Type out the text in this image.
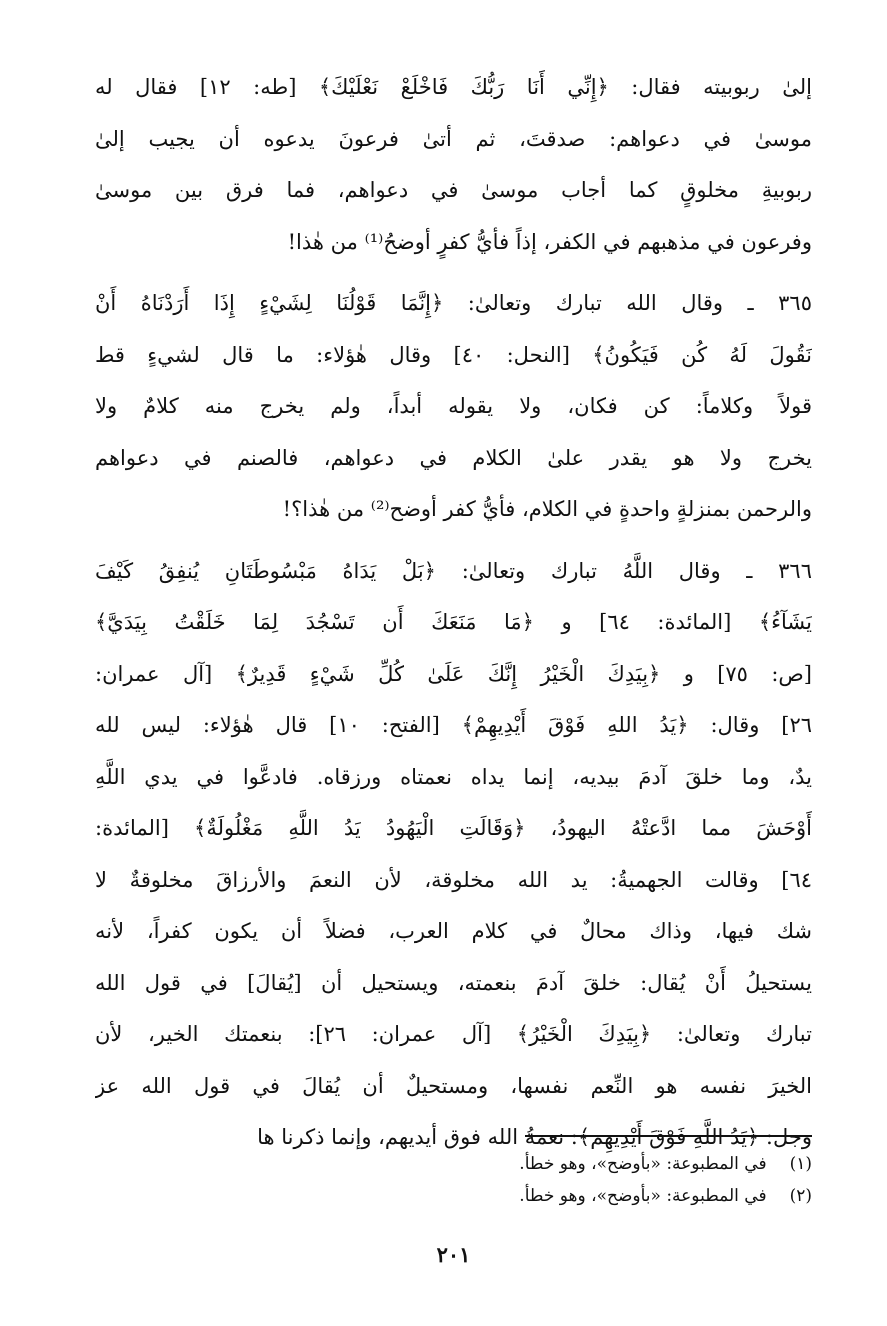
إلىٰ ربوبيته فقال: ﴿إِنِّي أَنَا رَبُّكَ فَاخْلَعْ نَعْلَيْكَ﴾ [طه: ١٢] فقال له
موسىٰ في دعواهم: صدقتَ، ثم أتىٰ فرعونَ يدعوه أن يجيب إلىٰ
ربوبيةِ مخلوقٍ كما أجاب موسىٰ في دعواهم، فما فرق بين موسىٰ
وفرعون في مذهبهم في الكفر، إذاً فأيُّ كفرٍ أوضحُ⁽¹⁾ من هٰذا!

٣٦٥ ـ وقال الله تبارك وتعالىٰ: ﴿إِنَّمَا قَوْلُنَا لِشَيْءٍ إِذَا أَرَدْنَاهُ أَنْ
نَقُولَ لَهُ كُن فَيَكُونُ﴾ [النحل: ٤٠] وقال هٰؤلاء: ما قال لشيءٍ قط
قولاً وكلاماً: كن فكان، ولا يقوله أبداً، ولم يخرج منه كلامٌ ولا
يخرج ولا هو يقدر علىٰ الكلام في دعواهم، فالصنم في دعواهم
والرحمن بمنزلةٍ واحدةٍ في الكلام، فأيُّ كفر أوضح⁽²⁾ من هٰذا؟!

٣٦٦ ـ وقال اللَّهُ تبارك وتعالىٰ: ﴿بَلْ يَدَاهُ مَبْسُوطَتَانِ يُنفِقُ كَيْفَ
يَشَآءُ﴾ [المائدة: ٦٤] و ﴿مَا مَنَعَكَ أَن تَسْجُدَ لِمَا خَلَقْتُ بِيَدَيَّ﴾
[ص: ٧٥] و ﴿بِيَدِكَ الْخَيْرُ إِنَّكَ عَلَىٰ كُلِّ شَيْءٍ قَدِيرٌ﴾ [آل عمران:
٢٦] وقال: ﴿يَدُ اللهِ فَوْقَ أَيْدِيهِمْ﴾ [الفتح: ١٠] قال هٰؤلاء: ليس لله
يدٌ، وما خلقَ آدمَ بيديه، إنما يداه نعمتاه ورزقاه. فادعَّوا في يدي اللَّهِ
أَوْحَشَ مما ادَّعتْهُ اليهودُ، ﴿وَقَالَتِ الْيَهُودُ يَدُ اللَّهِ مَغْلُولَةٌ﴾ [المائدة:
٦٤] وقالت الجهميةُ: يد الله مخلوقة، لأن النعمَ والأرزاقَ مخلوقةٌ لا
شك فيها، وذاك محالٌ في كلام العرب، فضلاً أن يكون كفراً، لأنه
يستحيلُ أَنْ يُقال: خلقَ آدمَ بنعمته، ويستحيل أن [يُقالَ] في قول الله
تبارك وتعالىٰ: ﴿بِيَدِكَ الْخَيْرُ﴾ [آل عمران: ٢٦]: بنعمتك الخير، لأن
الخيرَ نفسه هو النِّعم نفسها، ومستحيلٌ أن يُقالَ في قول الله عز
وجل: ﴿يَدُ اللَّهِ فَوْقَ أَيْدِيهِم﴾: نعمةُ الله فوق أيديهم، وإنما ذكرنا ها

(١) في المطبوعة: «بأوضح»، وهو خطأ.
(٢) في المطبوعة: «بأوضح»، وهو خطأ.
٢٠١
